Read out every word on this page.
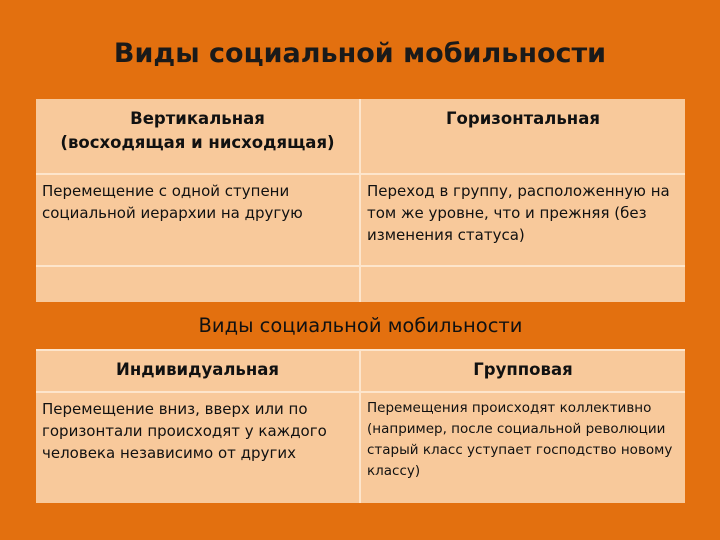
Виды социальной мобильности
Вертикальная
(восходящая и нисходящая)
Горизонтальная
Перемещение с одной ступени социальной иерархии на другую
Переход в группу, расположенную на том же уровне, что и прежняя (без изменения статуса)
Виды социальной мобильности
Индивидуальная	Групповая
Перемещение вниз, вверх или по горизонтали происходят у каждого человека независимо от других
Перемещения происходят коллективно (например, после социальной революции старый класс уступает господство новому классу)
